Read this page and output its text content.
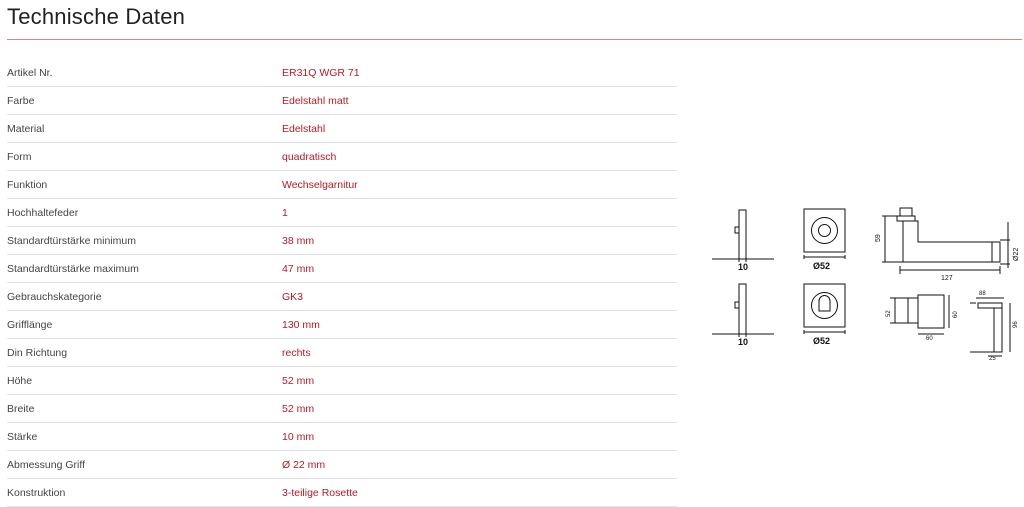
Technische Daten
Artikel Nr.	ER31Q WGR 71
Farbe	Edelstahl matt
Material	Edelstahl
Form	quadratisch
Funktion	Wechselgarnitur
Hochhaltefeder	1
Standardtürstärke minimum	38 mm
Standardtürstärke maximum	47 mm
Gebrauchskategorie	GK3
Grifflänge	130 mm
Din Richtung	rechts
Höhe	52 mm
Breite	52 mm
Stärke	10 mm
Abmessung Griff	Ø 22 mm
Konstruktion	3-teilige Rosette
10	Ø52
59
Ø22
127
10	Ø52
52	60
60
88
96
25
